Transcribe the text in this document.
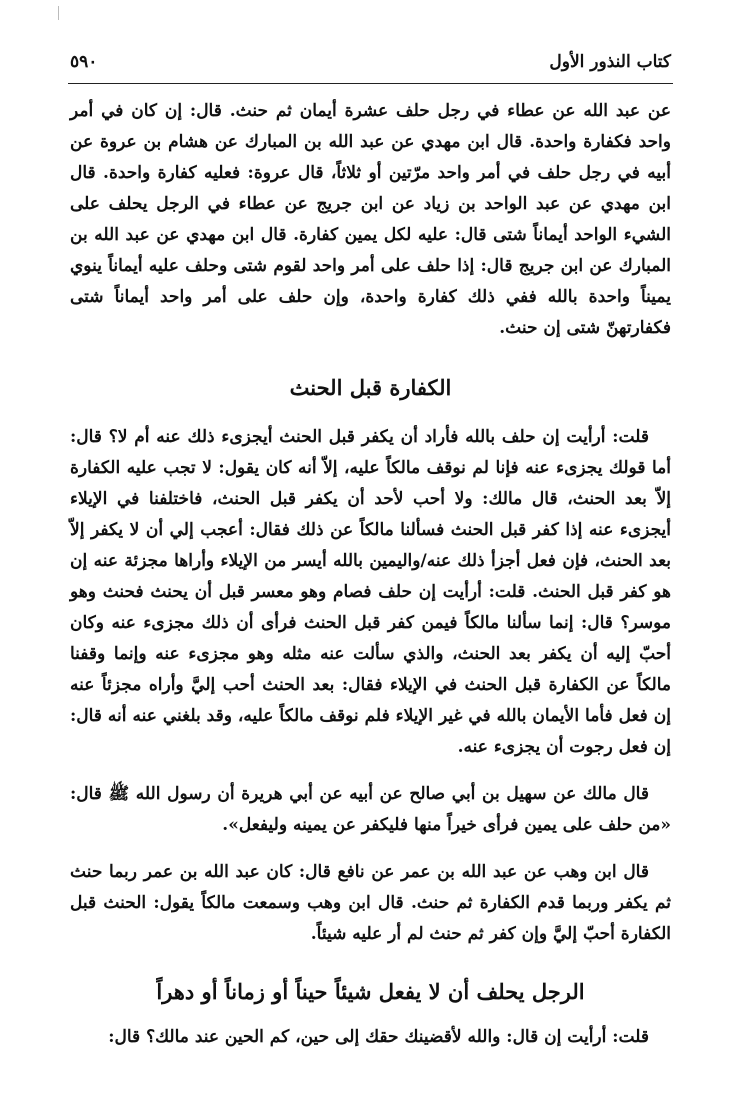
كتاب النذور الأول
٥٩٠

عن عبد الله عن عطاء في رجل حلف عشرة أيمان ثم حنث. قال: إن كان في أمر واحد فكفارة واحدة. قال ابن مهدي عن عبد الله بن المبارك عن هشام بن عروة عن أبيه في رجل حلف في أمر واحد مرّتين أو ثلاثاً، قال عروة: فعليه كفارة واحدة. قال ابن مهدي عن عبد الواحد بن زياد عن ابن جريج عن عطاء في الرجل يحلف على الشيء الواحد أيماناً شتى قال: عليه لكل يمين كفارة. قال ابن مهدي عن عبد الله بن المبارك عن ابن جريج قال: إذا حلف على أمر واحد لقوم شتى وحلف عليه أيماناً ينوي يميناً واحدة بالله ففي ذلك كفارة واحدة، وإن حلف على أمر واحد أيماناً شتى فكفارتهنّ شتى إن حنث.

الكفارة قبل الحنث

قلت: أرأيت إن حلف بالله فأراد أن يكفر قبل الحنث أيجزىء ذلك عنه أم لا؟ قال: أما قولك يجزىء عنه فإنا لم نوقف مالكاً عليه، إلاّ أنه كان يقول: لا تجب عليه الكفارة إلاّ بعد الحنث، قال مالك: ولا أحب لأحد أن يكفر قبل الحنث، فاختلفنا في الإيلاء أيجزىء عنه إذا كفر قبل الحنث فسألنا مالكاً عن ذلك فقال: أعجب إلي أن لا يكفر إلاّ بعد الحنث، فإن فعل أجزأ ذلك عنه/واليمين بالله أيسر من الإيلاء وأراها مجزئة عنه إن هو كفر قبل الحنث. قلت: أرأيت إن حلف فصام وهو معسر قبل أن يحنث فحنث وهو موسر؟ قال: إنما سألنا مالكاً فيمن كفر قبل الحنث فرأى أن ذلك مجزىء عنه وكان أحبّ إليه أن يكفر بعد الحنث، والذي سألت عنه مثله وهو مجزىء عنه وإنما وقفنا مالكاً عن الكفارة قبل الحنث في الإيلاء فقال: بعد الحنث أحب إليَّ وأراه مجزئاً عنه إن فعل فأما الأيمان بالله في غير الإيلاء فلم نوقف مالكاً عليه، وقد بلغني عنه أنه قال: إن فعل رجوت أن يجزىء عنه.

قال مالك عن سهيل بن أبي صالح عن أبيه عن أبي هريرة أن رسول الله ﷺ قال: «من حلف على يمين فرأى خيراً منها فليكفر عن يمينه وليفعل».

قال ابن وهب عن عبد الله بن عمر عن نافع قال: كان عبد الله بن عمر ربما حنث ثم يكفر وربما قدم الكفارة ثم حنث. قال ابن وهب وسمعت مالكاً يقول: الحنث قبل الكفارة أحبّ إليَّ وإن كفر ثم حنث لم أر عليه شيئاً.

الرجل يحلف أن لا يفعل شيئاً حيناً أو زماناً أو دهراً

قلت: أرأيت إن قال: والله لأقضينك حقك إلى حين، كم الحين عند مالك؟ قال:
